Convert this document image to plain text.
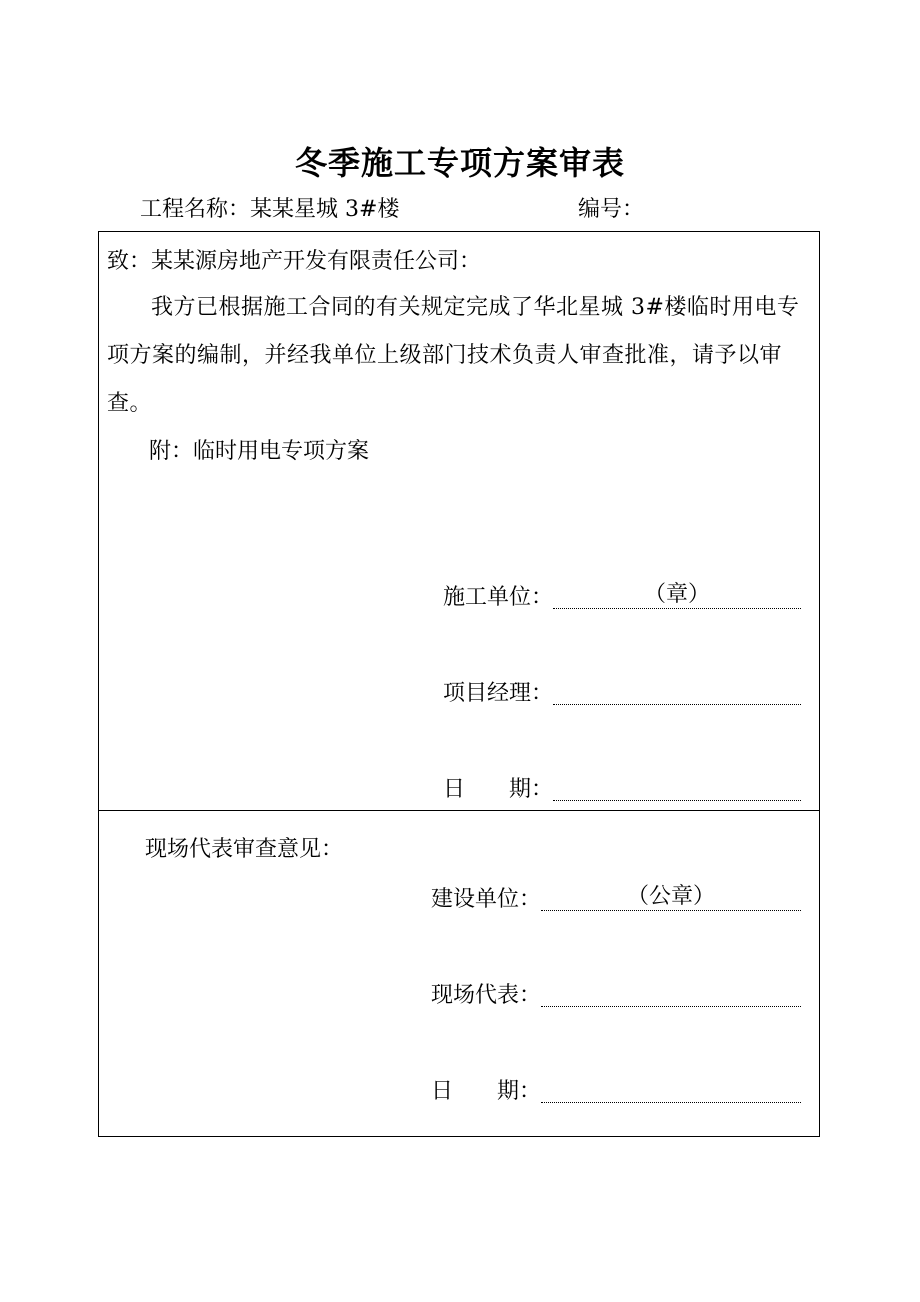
冬季施工专项方案审表
工程名称：某某星城 3#楼	编号：
致：某某源房地产开发有限责任公司：
我方已根据施工合同的有关规定完成了华北星城 3#楼临时用电专项方案的编制，并经我单位上级部门技术负责人审查批准，请予以审查。
附：临时用电专项方案
施工单位：	（章）
项目经理：
日　　期：
现场代表审查意见：
建设单位：	（公章）
现场代表：
日　　期：
